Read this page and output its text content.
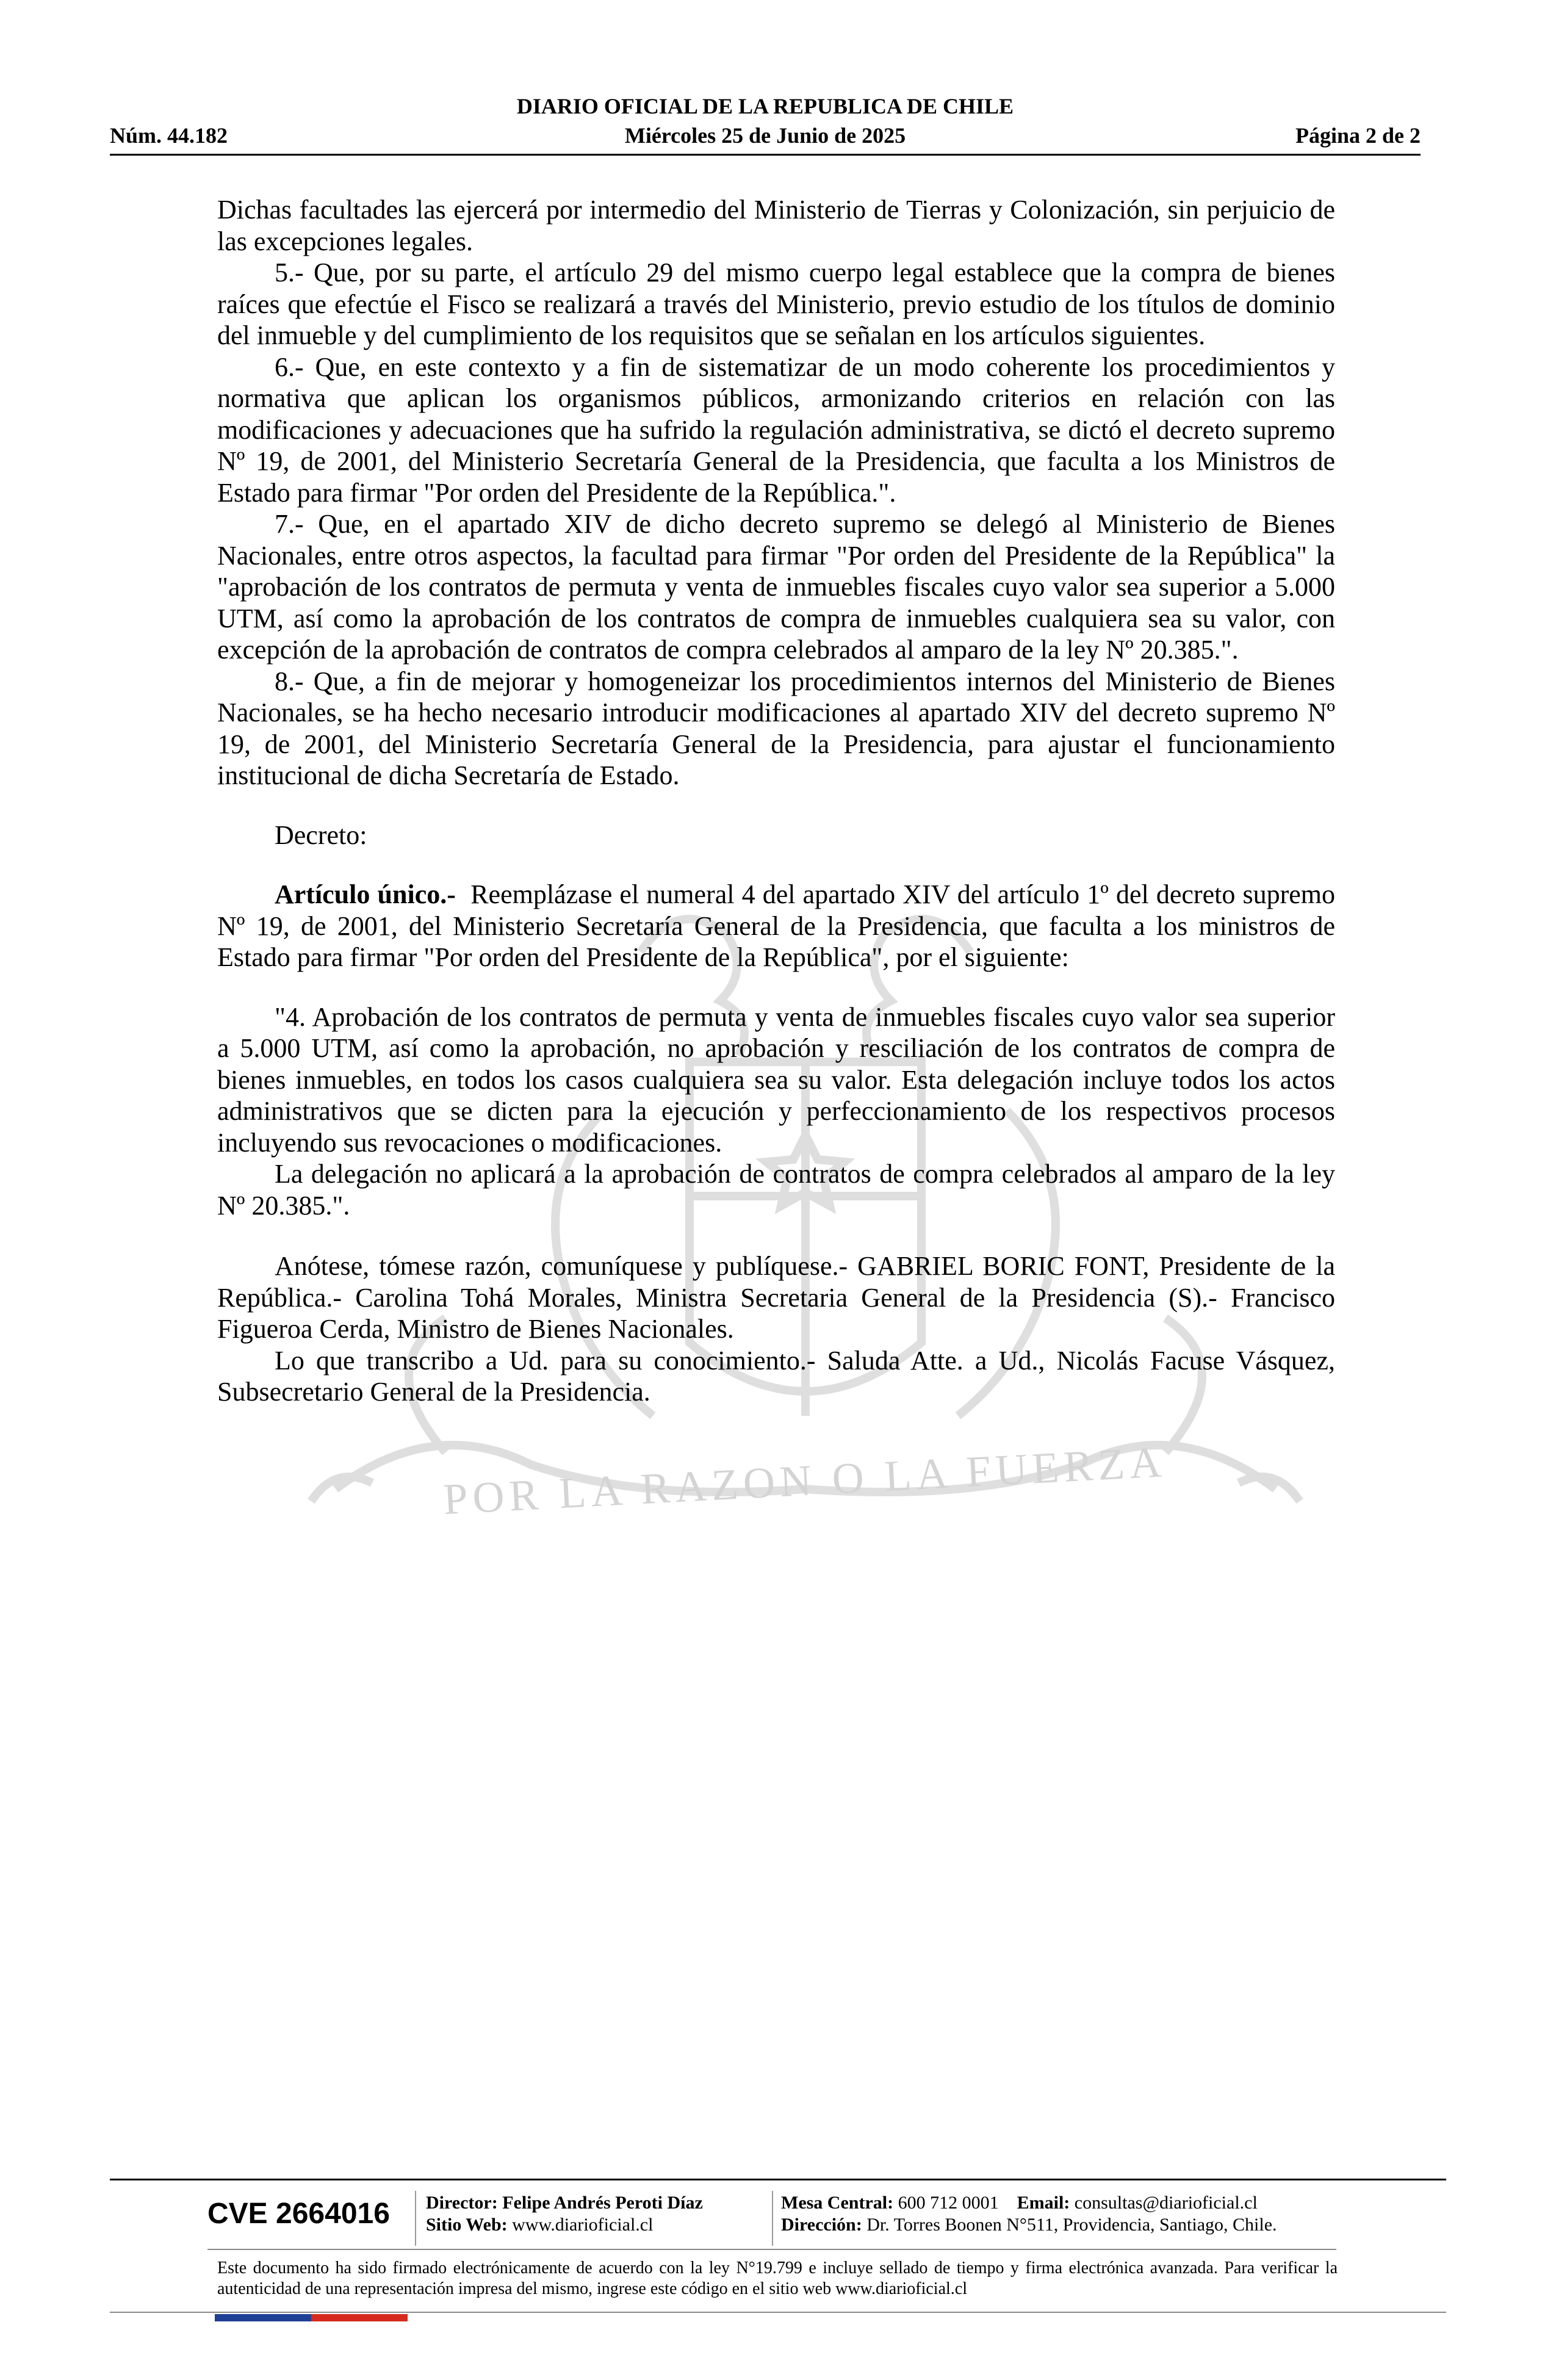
DIARIO OFICIAL DE LA REPUBLICA DE CHILE
Núm. 44.182	Miércoles 25 de Junio de 2025	Página 2 de 2
POR LA RAZON O LA FUERZA

Dichas facultades las ejercerá por intermedio del Ministerio de Tierras y Colonización, sin perjuicio de las excepciones legales.

5.- Que, por su parte, el artículo 29 del mismo cuerpo legal establece que la compra de bienes raíces que efectúe el Fisco se realizará a través del Ministerio, previo estudio de los títulos de dominio del inmueble y del cumplimiento de los requisitos que se señalan en los artículos siguientes.

6.- Que, en este contexto y a fin de sistematizar de un modo coherente los procedimientos y normativa que aplican los organismos públicos, armonizando criterios en relación con las modificaciones y adecuaciones que ha sufrido la regulación administrativa, se dictó el decreto supremo Nº 19, de 2001, del Ministerio Secretaría General de la Presidencia, que faculta a los Ministros de Estado para firmar "Por orden del Presidente de la República.".

7.- Que, en el apartado XIV de dicho decreto supremo se delegó al Ministerio de Bienes Nacionales, entre otros aspectos, la facultad para firmar "Por orden del Presidente de la República" la "aprobación de los contratos de permuta y venta de inmuebles fiscales cuyo valor sea superior a 5.000 UTM, así como la aprobación de los contratos de compra de inmuebles cualquiera sea su valor, con excepción de la aprobación de contratos de compra celebrados al amparo de la ley Nº 20.385.".

8.- Que, a fin de mejorar y homogeneizar los procedimientos internos del Ministerio de Bienes Nacionales, se ha hecho necesario introducir modificaciones al apartado XIV del decreto supremo Nº 19, de 2001, del Ministerio Secretaría General de la Presidencia, para ajustar el funcionamiento institucional de dicha Secretaría de Estado.

Decreto:

Artículo único.- Reemplázase el numeral 4 del apartado XIV del artículo 1º del decreto supremo Nº 19, de 2001, del Ministerio Secretaría General de la Presidencia, que faculta a los ministros de Estado para firmar "Por orden del Presidente de la República", por el siguiente:

"4. Aprobación de los contratos de permuta y venta de inmuebles fiscales cuyo valor sea superior a 5.000 UTM, así como la aprobación, no aprobación y resciliación de los contratos de compra de bienes inmuebles, en todos los casos cualquiera sea su valor. Esta delegación incluye todos los actos administrativos que se dicten para la ejecución y perfeccionamiento de los respectivos procesos incluyendo sus revocaciones o modificaciones.

La delegación no aplicará a la aprobación de contratos de compra celebrados al amparo de la ley Nº 20.385.".

Anótese, tómese razón, comuníquese y publíquese.- GABRIEL BORIC FONT, Presidente de la República.- Carolina Tohá Morales, Ministra Secretaria General de la Presidencia (S).- Francisco Figueroa Cerda, Ministro de Bienes Nacionales.

Lo que transcribo a Ud. para su conocimiento.- Saluda Atte. a Ud., Nicolás Facuse Vásquez, Subsecretario General de la Presidencia.

CVE 2664016 Director: Felipe Andrés Peroti Díaz
Sitio Web: www.diarioficial.cl
Mesa Central: 600 712 0001 Email: consultas@diarioficial.cl
Dirección: Dr. Torres Boonen N°511, Providencia, Santiago, Chile.
Este documento ha sido firmado electrónicamente de acuerdo con la ley N°19.799 e incluye sellado de tiempo y firma electrónica avanzada. Para verificar la autenticidad de una representación impresa del mismo, ingrese este código en el sitio web www.diarioficial.cl
